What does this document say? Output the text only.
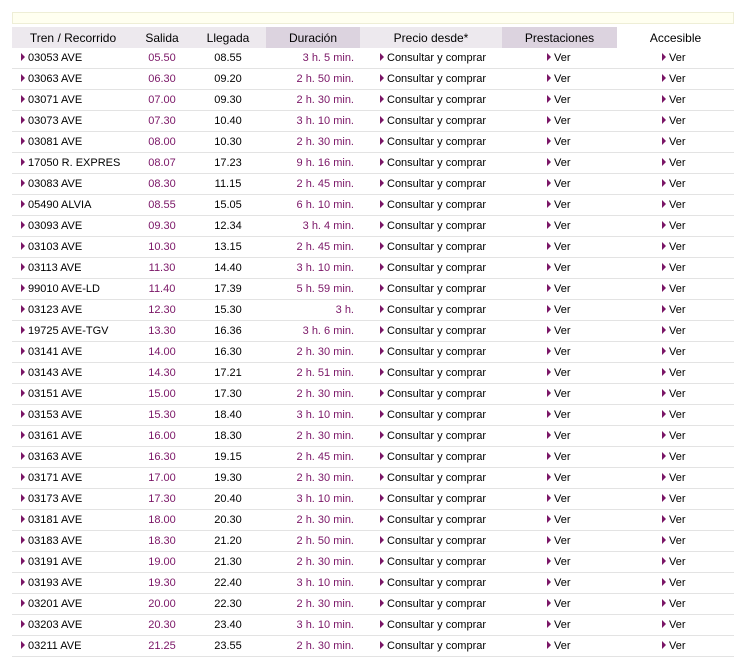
Tren / Recorrido	Salida	Llegada	Duración	Precio desde*	Prestaciones	Accesible
03053 AVE	05.50	08.55	3 h. 5 min.	Consultar y comprar	Ver	Ver
03063 AVE	06.30	09.20	2 h. 50 min.	Consultar y comprar	Ver	Ver
03071 AVE	07.00	09.30	2 h. 30 min.	Consultar y comprar	Ver	Ver
03073 AVE	07.30	10.40	3 h. 10 min.	Consultar y comprar	Ver	Ver
03081 AVE	08.00	10.30	2 h. 30 min.	Consultar y comprar	Ver	Ver
17050 R. EXPRES	08.07	17.23	9 h. 16 min.	Consultar y comprar	Ver	Ver
03083 AVE	08.30	11.15	2 h. 45 min.	Consultar y comprar	Ver	Ver
05490 ALVIA	08.55	15.05	6 h. 10 min.	Consultar y comprar	Ver	Ver
03093 AVE	09.30	12.34	3 h. 4 min.	Consultar y comprar	Ver	Ver
03103 AVE	10.30	13.15	2 h. 45 min.	Consultar y comprar	Ver	Ver
03113 AVE	11.30	14.40	3 h. 10 min.	Consultar y comprar	Ver	Ver
99010 AVE-LD	11.40	17.39	5 h. 59 min.	Consultar y comprar	Ver	Ver
03123 AVE	12.30	15.30	3 h.	Consultar y comprar	Ver	Ver
19725 AVE-TGV	13.30	16.36	3 h. 6 min.	Consultar y comprar	Ver	Ver
03141 AVE	14.00	16.30	2 h. 30 min.	Consultar y comprar	Ver	Ver
03143 AVE	14.30	17.21	2 h. 51 min.	Consultar y comprar	Ver	Ver
03151 AVE	15.00	17.30	2 h. 30 min.	Consultar y comprar	Ver	Ver
03153 AVE	15.30	18.40	3 h. 10 min.	Consultar y comprar	Ver	Ver
03161 AVE	16.00	18.30	2 h. 30 min.	Consultar y comprar	Ver	Ver
03163 AVE	16.30	19.15	2 h. 45 min.	Consultar y comprar	Ver	Ver
03171 AVE	17.00	19.30	2 h. 30 min.	Consultar y comprar	Ver	Ver
03173 AVE	17.30	20.40	3 h. 10 min.	Consultar y comprar	Ver	Ver
03181 AVE	18.00	20.30	2 h. 30 min.	Consultar y comprar	Ver	Ver
03183 AVE	18.30	21.20	2 h. 50 min.	Consultar y comprar	Ver	Ver
03191 AVE	19.00	21.30	2 h. 30 min.	Consultar y comprar	Ver	Ver
03193 AVE	19.30	22.40	3 h. 10 min.	Consultar y comprar	Ver	Ver
03201 AVE	20.00	22.30	2 h. 30 min.	Consultar y comprar	Ver	Ver
03203 AVE	20.30	23.40	3 h. 10 min.	Consultar y comprar	Ver	Ver
03211 AVE	21.25	23.55	2 h. 30 min.	Consultar y comprar	Ver	Ver
